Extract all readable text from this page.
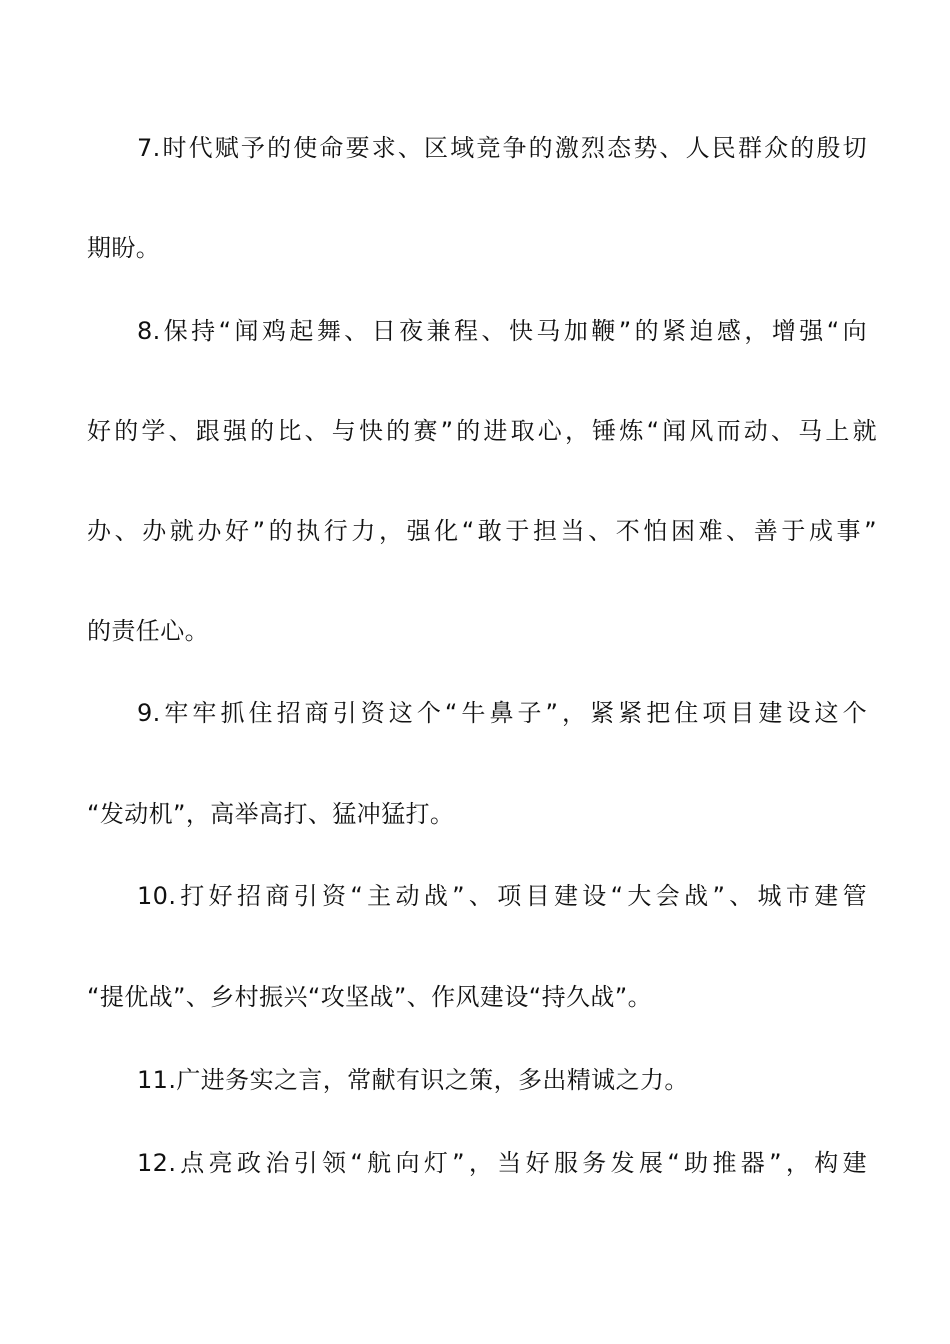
7.时代赋予的使命要求、区域竞争的激烈态势、人民群众的殷切
期盼。
8.保持“闻鸡起舞、日夜兼程、快马加鞭”的紧迫感，增强“向
好的学、跟强的比、与快的赛”的进取心，锤炼“闻风而动、马上就
办、办就办好”的执行力，强化“敢于担当、不怕困难、善于成事”
的责任心。
9.牢牢抓住招商引资这个“牛鼻子”，紧紧把住项目建设这个
“发动机”，高举高打、猛冲猛打。
10.打好招商引资“主动战”、项目建设“大会战”、城市建管
“提优战”、乡村振兴“攻坚战”、作风建设“持久战”。
11.广进务实之言，常献有识之策，多出精诚之力。
12.点亮政治引领“航向灯”，当好服务发展“助推器”，构建
